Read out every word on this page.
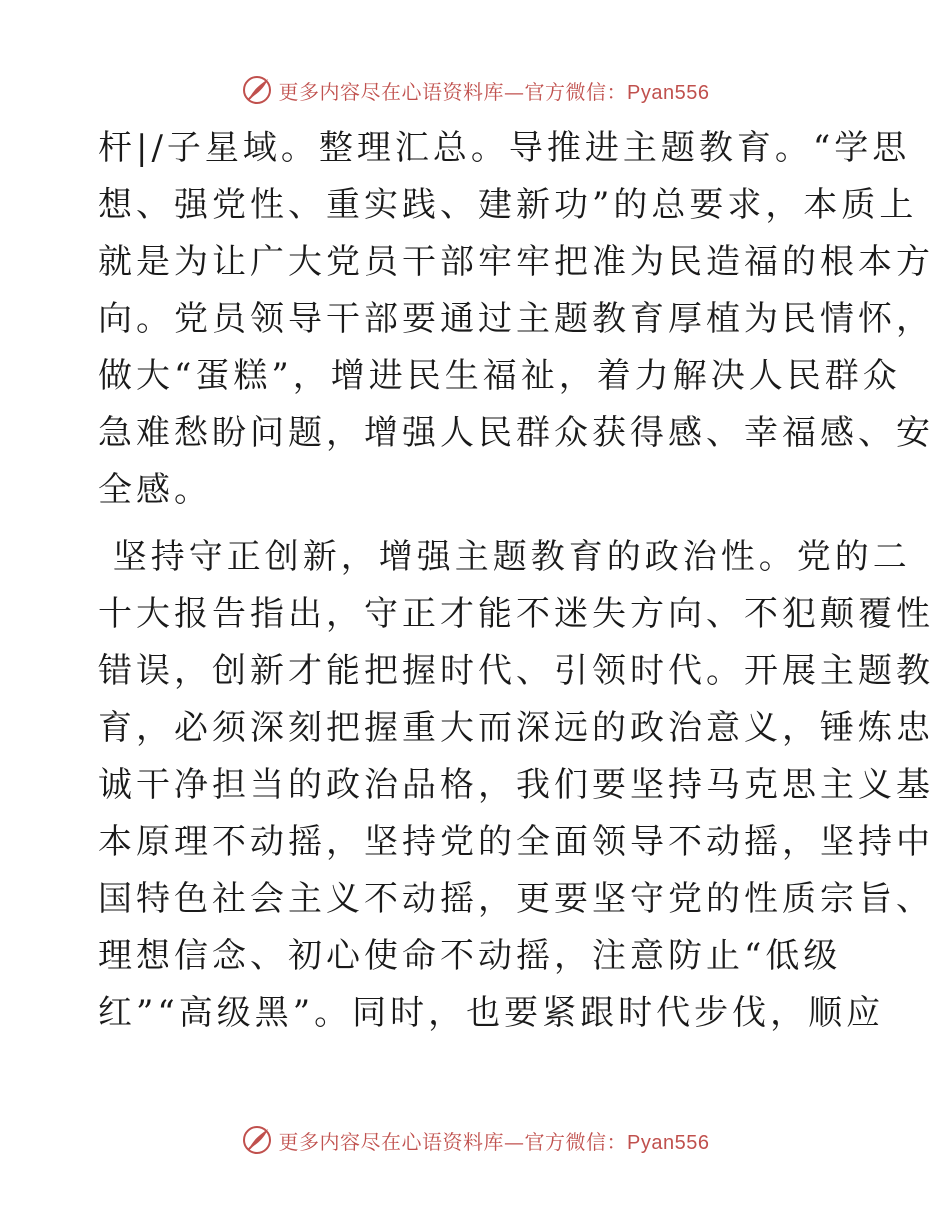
更多内容尽在心语资料库—官方微信：Pyan556

杆|/子星域。整理汇总。导推进主题教育。“学思
想、强党性、重实践、建新功”的总要求，本质上
就是为让广大党员干部牢牢把准为民造福的根本方
向。党员领导干部要通过主题教育厚植为民情怀，
做大“蛋糕”，增进民生福祉，着力解决人民群众
急难愁盼问题，增强人民群众获得感、幸福感、安
全感。

坚持守正创新，增强主题教育的政治性。党的二
十大报告指出，守正才能不迷失方向、不犯颠覆性
错误，创新才能把握时代、引领时代。开展主题教
育，必须深刻把握重大而深远的政治意义，锤炼忠
诚干净担当的政治品格，我们要坚持马克思主义基
本原理不动摇，坚持党的全面领导不动摇，坚持中
国特色社会主义不动摇，更要坚守党的性质宗旨、
理想信念、初心使命不动摇，注意防止“低级
红”“高级黑”。同时，也要紧跟时代步伐，顺应

更多内容尽在心语资料库—官方微信：Pyan556
